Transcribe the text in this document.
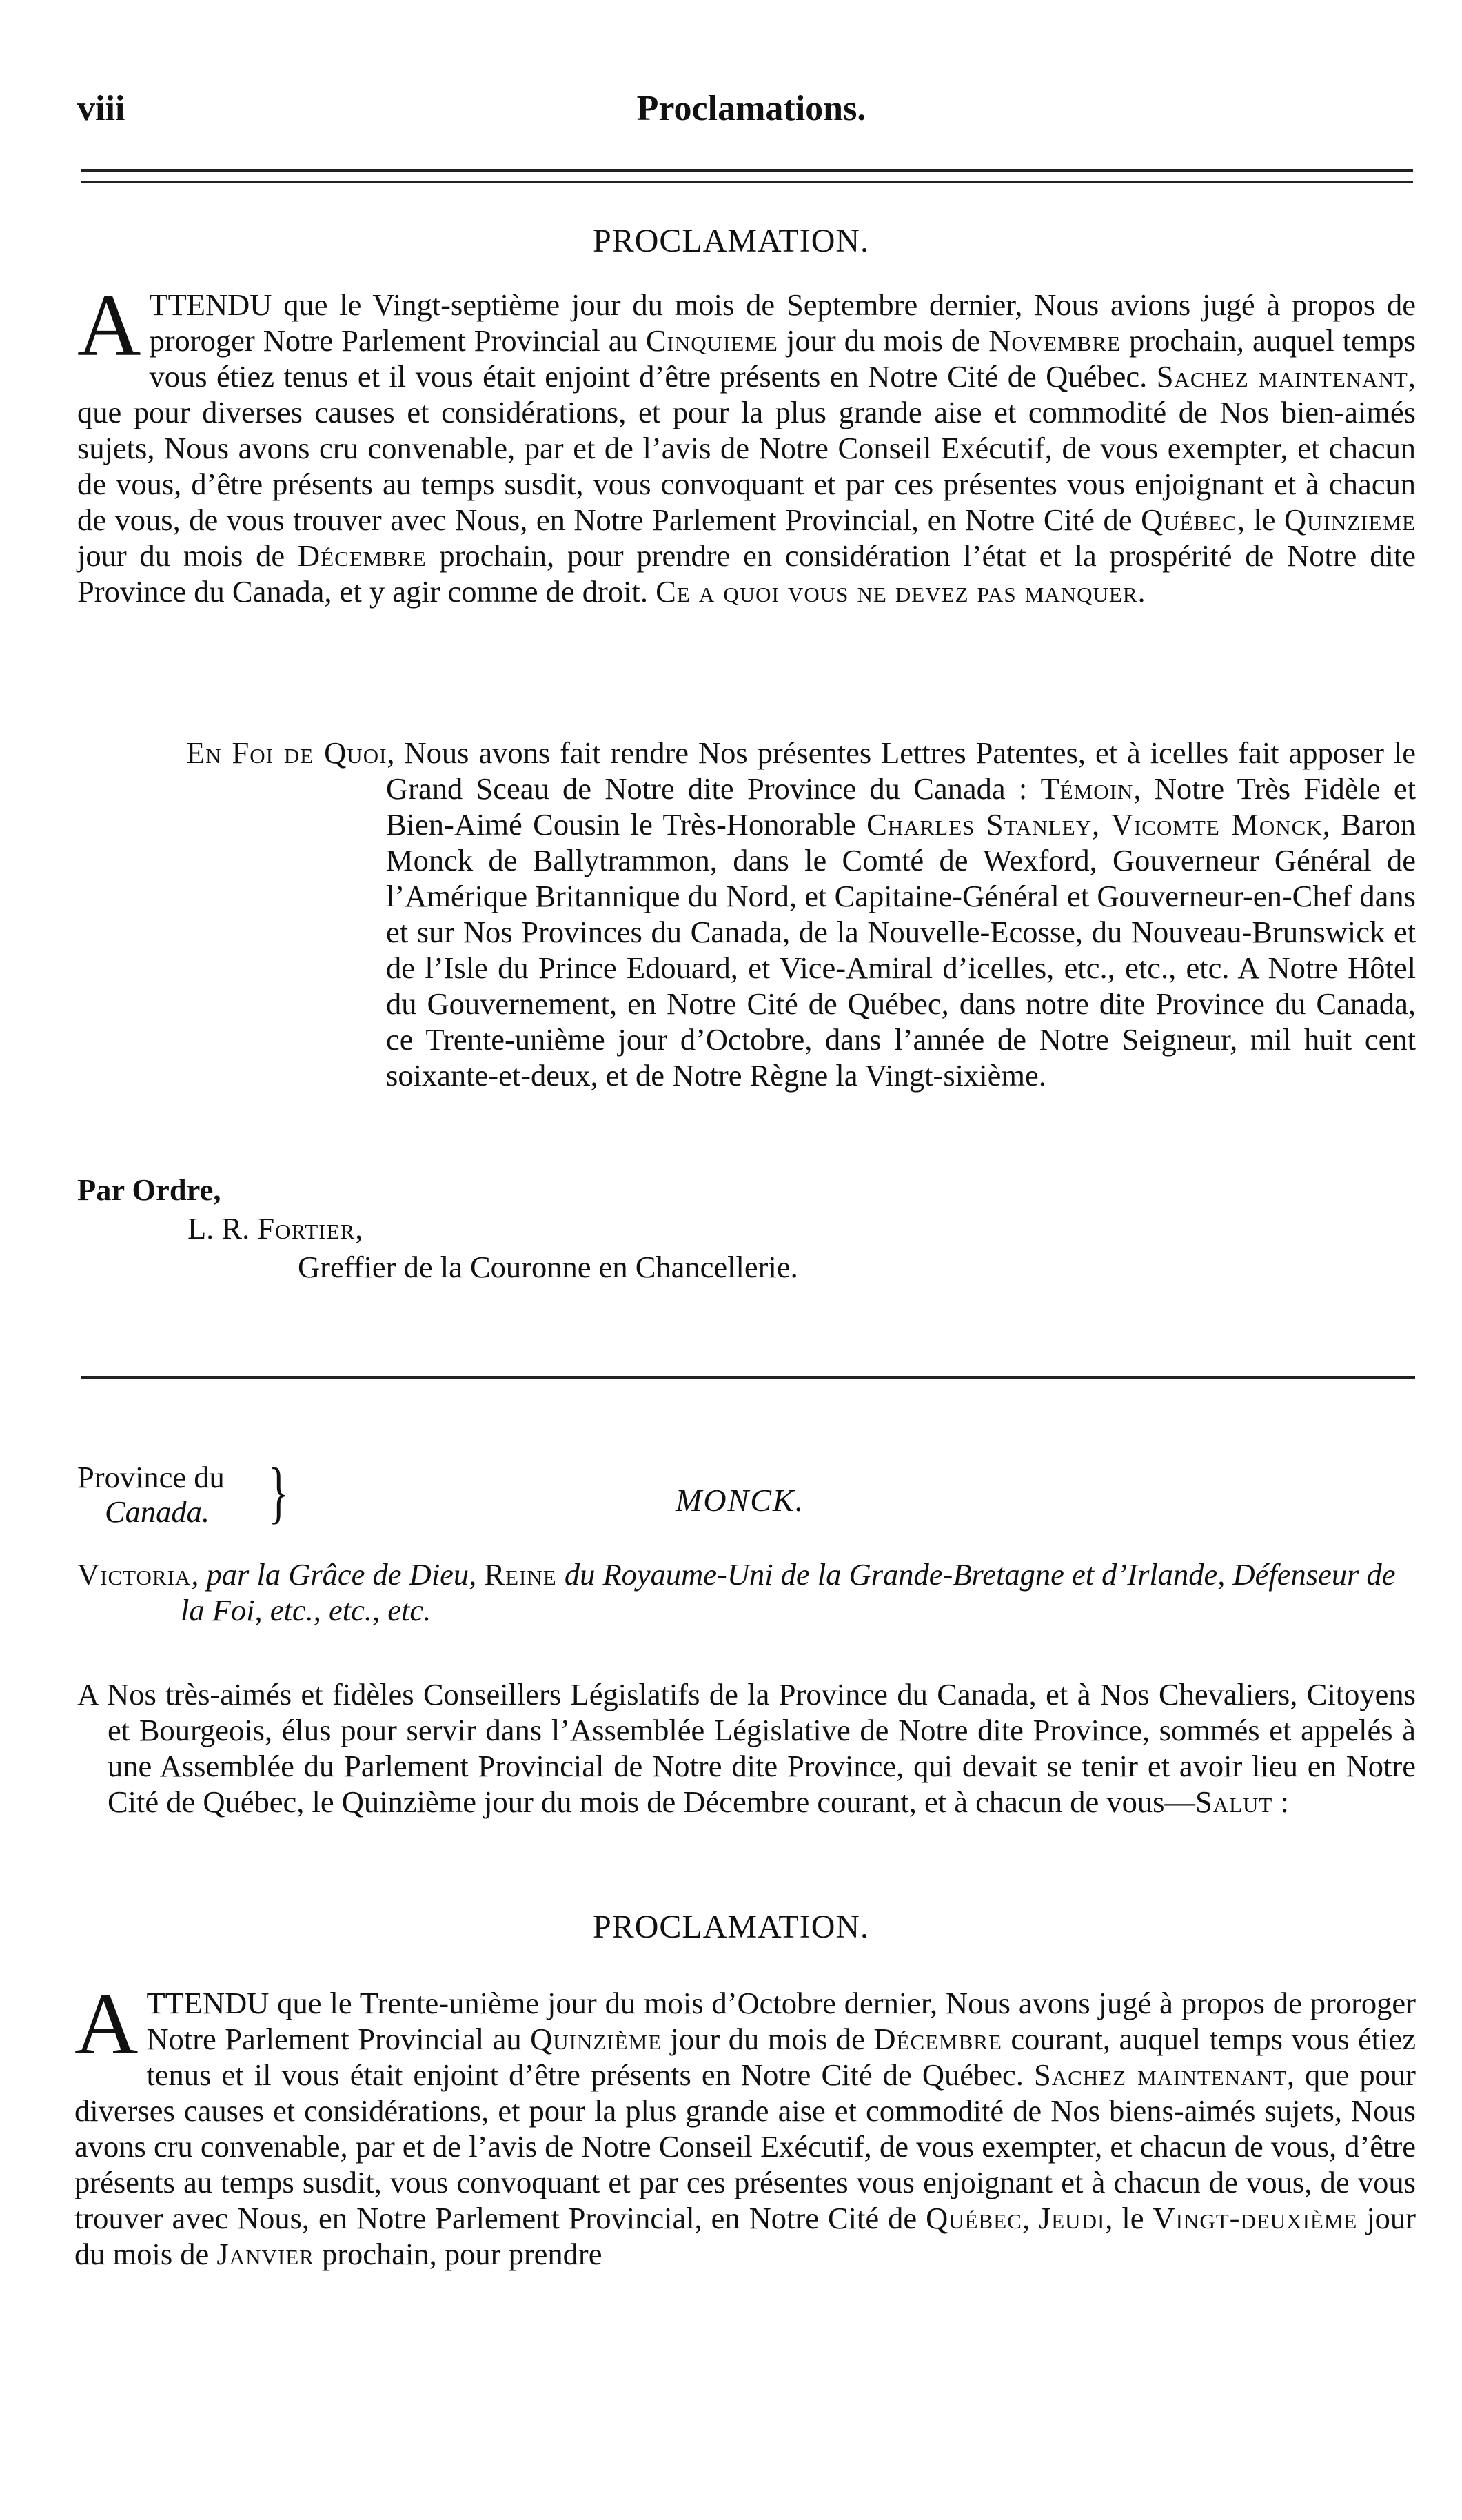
viii	Proclamations.
PROCLAMATION.
ATTENDU que le Vingt-septième jour du mois de Septembre dernier, Nous avions jugé à propos de proroger Notre Parlement Provincial au Cinquieme jour du mois de Novembre prochain, auquel temps vous étiez tenus et il vous était enjoint d’être présents en Notre Cité de Québec. Sachez maintenant, que pour diverses causes et considérations, et pour la plus grande aise et commodité de Nos bien-aimés sujets, Nous avons cru convenable, par et de l’avis de Notre Conseil Exécutif, de vous exempter, et chacun de vous, d’être présents au temps susdit, vous convoquant et par ces présentes vous enjoignant et à chacun de vous, de vous trouver avec Nous, en Notre Parlement Provincial, en Notre Cité de Québec, le Quinzieme jour du mois de Décembre prochain, pour prendre en considération l’état et la prospérité de Notre dite Province du Canada, et y agir comme de droit. Ce a quoi vous ne devez pas manquer.
En Foi de Quoi, Nous avons fait rendre Nos présentes Lettres Patentes, et à icelles fait apposer le Grand Sceau de Notre dite Province du Canada : Témoin, Notre Très Fidèle et Bien-Aimé Cousin le Très-Honorable Charles Stanley, Vicomte Monck, Baron Monck de Ballytrammon, dans le Comté de Wexford, Gouverneur Général de l’Amérique Britannique du Nord, et Capitaine-Général et Gouverneur-en-Chef dans et sur Nos Provinces du Canada, de la Nouvelle-Ecosse, du Nouveau-Brunswick et de l’Isle du Prince Edouard, et Vice-Amiral d’icelles, etc., etc., etc. A Notre Hôtel du Gouvernement, en Notre Cité de Québec, dans notre dite Province du Canada, ce Trente-unième jour d’Octobre, dans l’année de Notre Seigneur, mil huit cent soixante-et-deux, et de Notre Règne la Vingt-sixième.
Par Ordre,
L. R. Fortier,
Greffier de la Couronne en Chancellerie.
Province du
Canada. }	MONCK.
Victoria, par la Grâce de Dieu, Reine du Royaume-Uni de la Grande-Bretagne et d’Irlande, Défenseur de la Foi, etc., etc., etc.
A Nos très-aimés et fidèles Conseillers Législatifs de la Province du Canada, et à Nos Chevaliers, Citoyens et Bourgeois, élus pour servir dans l’Assemblée Législative de Notre dite Province, sommés et appelés à une Assemblée du Parlement Provincial de Notre dite Province, qui devait se tenir et avoir lieu en Notre Cité de Québec, le Quinzième jour du mois de Décembre courant, et à chacun de vous—Salut :
PROCLAMATION.
ATTENDU que le Trente-unième jour du mois d’Octobre dernier, Nous avons jugé à propos de proroger Notre Parlement Provincial au Quinzième jour du mois de Décembre courant, auquel temps vous étiez tenus et il vous était enjoint d’être présents en Notre Cité de Québec. Sachez maintenant, que pour diverses causes et considérations, et pour la plus grande aise et commodité de Nos biens-aimés sujets, Nous avons cru convenable, par et de l’avis de Notre Conseil Exécutif, de vous exempter, et chacun de vous, d’être présents au temps susdit, vous convoquant et par ces présentes vous enjoignant et à chacun de vous, de vous trouver avec Nous, en Notre Parlement Provincial, en Notre Cité de Québec, Jeudi, le Vingt-deuxième jour du mois de Janvier prochain, pour prendre
